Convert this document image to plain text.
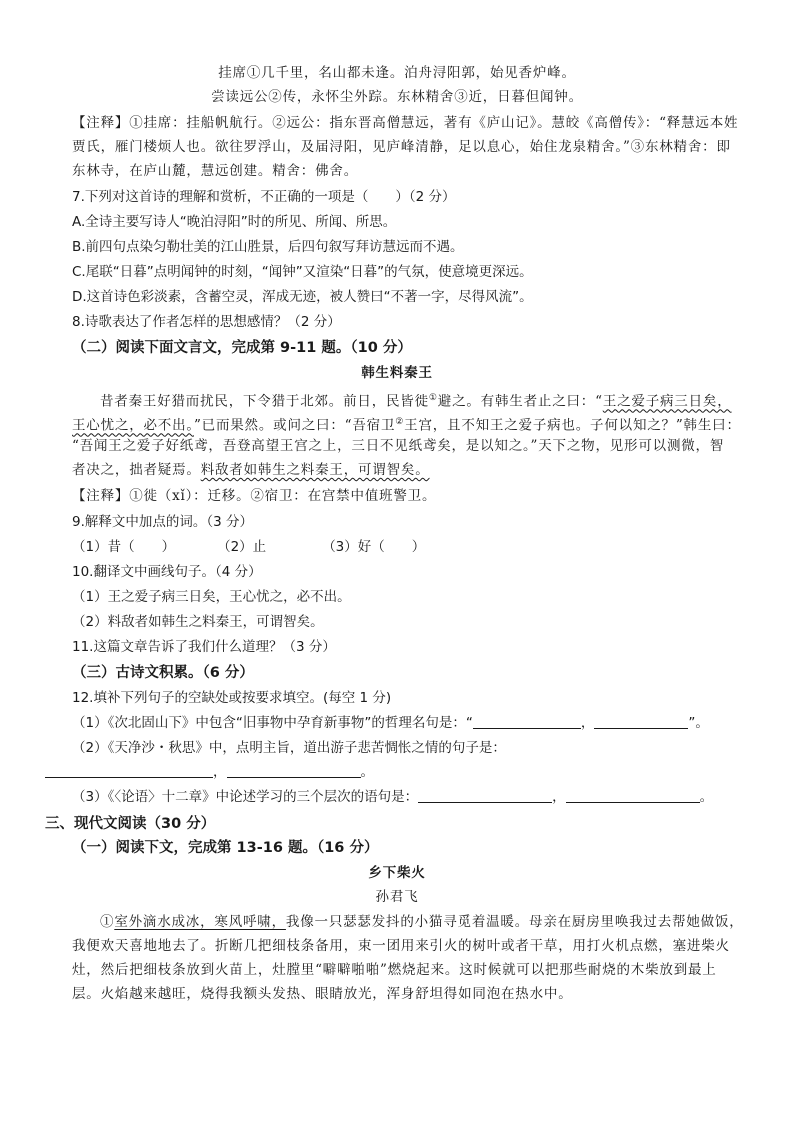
挂席①几千里，名山都未逢。泊舟浔阳郭，始见香炉峰。
尝读远公②传，永怀尘外踪。东林精舍③近，日暮但闻钟。
【注释】①挂席：挂船帆航行。②远公：指东晋高僧慧远，著有《庐山记》。慧皎《高僧传》：“释慧远本姓
贾氏，雁门楼烦人也。欲往罗浮山，及届浔阳，见庐峰清静，足以息心，始住龙泉精舍。”③东林精舍：即
东林寺，在庐山麓，慧远创建。精舍：佛舍。
7.下列对这首诗的理解和赏析，不正确的一项是（　　）（2 分）
A.全诗主要写诗人“晚泊浔阳”时的所见、所闻、所思。
B.前四句点染匀勒壮美的江山胜景，后四句叙写拜访慧远而不遇。
C.尾联“日暮”点明闻钟的时刻，“闻钟”又渲染“日暮”的气氛，使意境更深远。
D.这首诗色彩淡素，含蓄空灵，浑成无迹，被人赞曰“不著一字，尽得风流”。
8.诗歌表达了作者怎样的思想感情？（2 分）
（二）阅读下面文言文，完成第 9-11 题。（10 分）
韩生料秦王
昔者秦王好猎而扰民，下令猎于北郊。前日，民皆徙①避之。有韩生者止之曰：“王之爱子病三日矣，
王心忧之，必不出。”已而果然。或问之曰：“吾宿卫②王宫，且不知王之爱子病也。子何以知之？”韩生曰：
“吾闻王之爱子好纸鸢，吾登高望王宫之上，三日不见纸鸢矣，是以知之。”天下之物，见形可以测微，智
者决之，拙者疑焉。料敌者如韩生之料秦王，可谓智矣。
【注释】①徙（xǐ）：迁移。②宿卫：在宫禁中值班警卫。
9.解释文中加点的词。（3 分）
（1）昔（　　）	（2）止	（3）好（　　）
10.翻译文中画线句子。（4 分）
（1）王之爱子病三日矣，王心忧之，必不出。
（2）料敌者如韩生之料秦王，可谓智矣。
11.这篇文章告诉了我们什么道理？（3 分）
（三）古诗文积累。（6 分）
12.填补下列句子的空缺处或按要求填空。(每空 1 分)
（1）《次北固山下》中包含“旧事物中孕育新事物”的哲理名句是：“	，	”。
（2）《天净沙・秋思》中，点明主旨，道出游子悲苦惆怅之情的句子是：
，	。
（3）《〈论语〉十二章》中论述学习的三个层次的语句是：	，	。
三、现代文阅读（30 分）
（一）阅读下文，完成第 13-16 题。（16 分）
乡下柴火
孙君飞
①室外滴水成冰，寒风呼啸，我像一只瑟瑟发抖的小猫寻觅着温暖。母亲在厨房里唤我过去帮她做饭，
我便欢天喜地地去了。折断几把细枝条备用，束一团用来引火的树叶或者干草，用打火机点燃，塞进柴火
灶，然后把细枝条放到火苗上，灶膛里“噼噼啪啪”燃烧起来。这时候就可以把那些耐烧的木柴放到最上
层。火焰越来越旺，烧得我额头发热、眼睛放光，浑身舒坦得如同泡在热水中。
